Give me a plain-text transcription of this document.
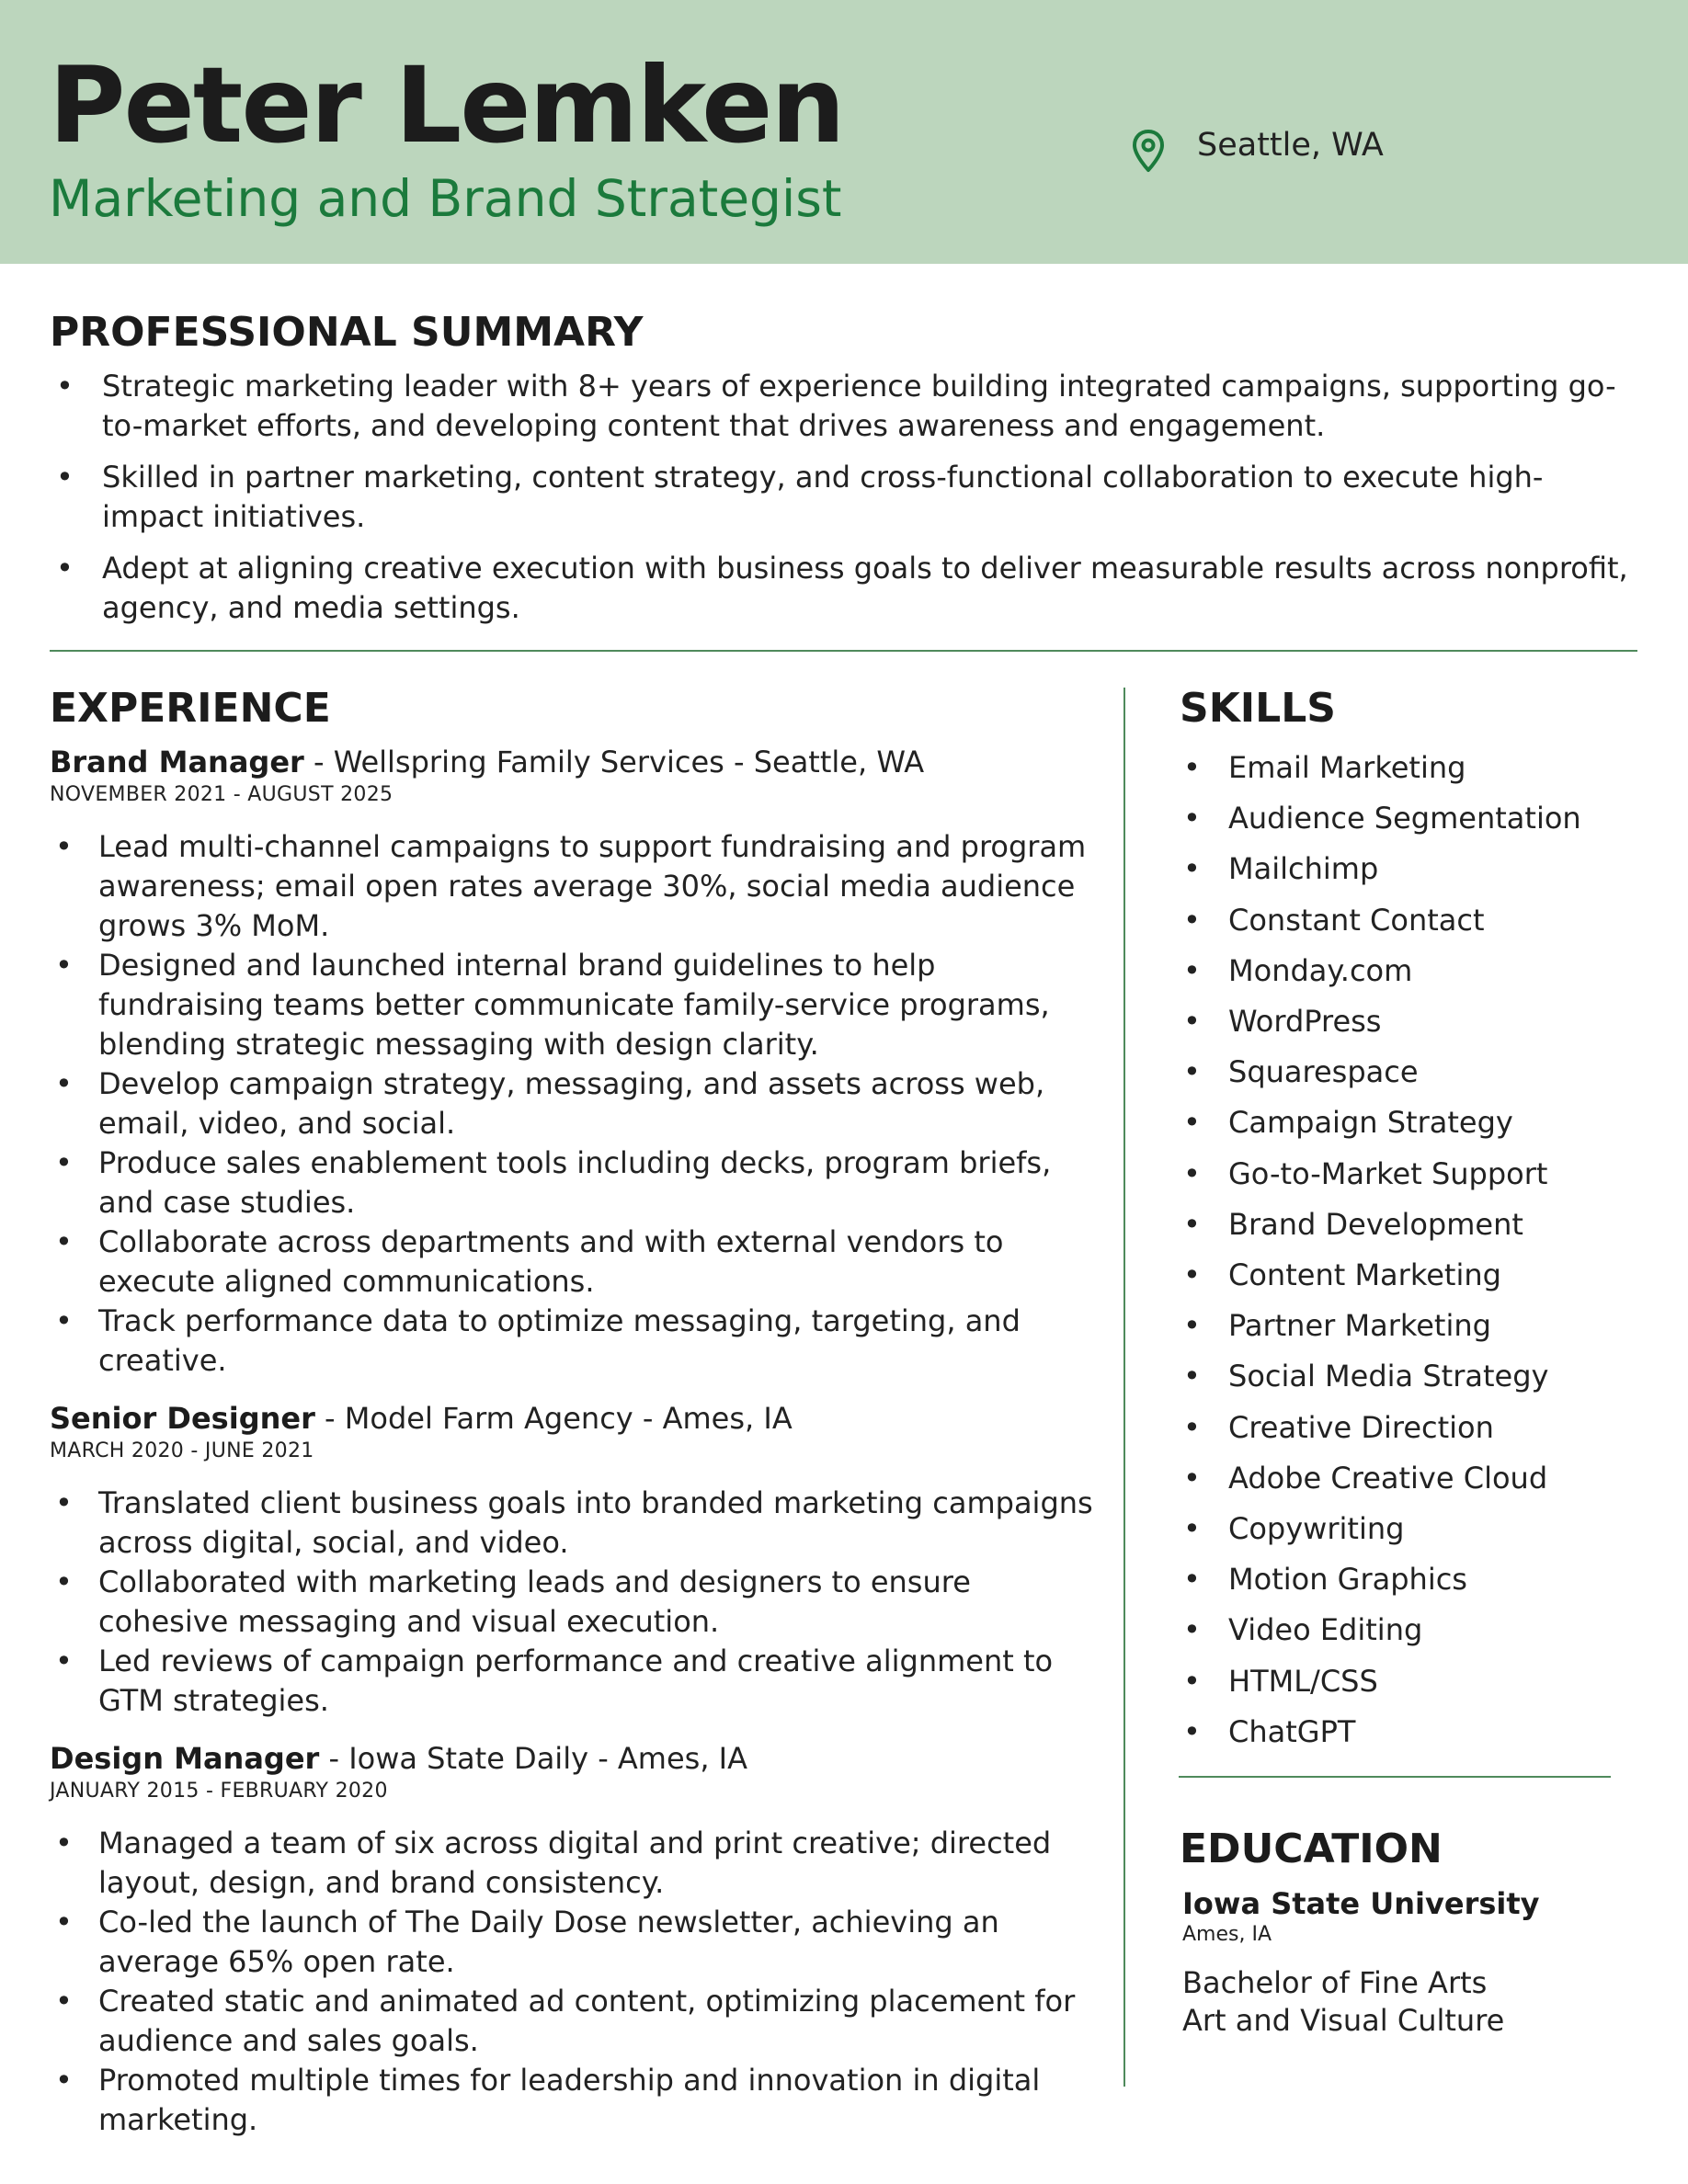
Peter Lemken
Marketing and Brand Strategist
Seattle, WA
PROFESSIONAL SUMMARY
• Strategic marketing leader with 8+ years of experience building integrated campaigns, supporting go-to-market efforts, and developing content that drives awareness and engagement.
• Skilled in partner marketing, content strategy, and cross-functional collaboration to execute high-impact initiatives.
• Adept at aligning creative execution with business goals to deliver measurable results across nonprofit, agency, and media settings.
EXPERIENCE
Brand Manager - Wellspring Family Services - Seattle, WA
NOVEMBER 2021 - AUGUST 2025
• Lead multi-channel campaigns to support fundraising and program awareness; email open rates average 30%, social media audience grows 3% MoM.
• Designed and launched internal brand guidelines to help fundraising teams better communicate family-service programs, blending strategic messaging with design clarity.
• Develop campaign strategy, messaging, and assets across web, email, video, and social.
• Produce sales enablement tools including decks, program briefs, and case studies.
• Collaborate across departments and with external vendors to execute aligned communications.
• Track performance data to optimize messaging, targeting, and creative.
Senior Designer - Model Farm Agency - Ames, IA
MARCH 2020 - JUNE 2021
• Translated client business goals into branded marketing campaigns across digital, social, and video.
• Collaborated with marketing leads and designers to ensure cohesive messaging and visual execution.
• Led reviews of campaign performance and creative alignment to GTM strategies.
Design Manager - Iowa State Daily - Ames, IA
JANUARY 2015 - FEBRUARY 2020
• Managed a team of six across digital and print creative; directed layout, design, and brand consistency.
• Co-led the launch of The Daily Dose newsletter, achieving an average 65% open rate.
• Created static and animated ad content, optimizing placement for audience and sales goals.
• Promoted multiple times for leadership and innovation in digital marketing.
SKILLS
• Email Marketing
• Audience Segmentation
• Mailchimp
• Constant Contact
• Monday.com
• WordPress
• Squarespace
• Campaign Strategy
• Go-to-Market Support
• Brand Development
• Content Marketing
• Partner Marketing
• Social Media Strategy
• Creative Direction
• Adobe Creative Cloud
• Copywriting
• Motion Graphics
• Video Editing
• HTML/CSS
• ChatGPT
EDUCATION
Iowa State University
Ames, IA
Bachelor of Fine Arts
Art and Visual Culture
